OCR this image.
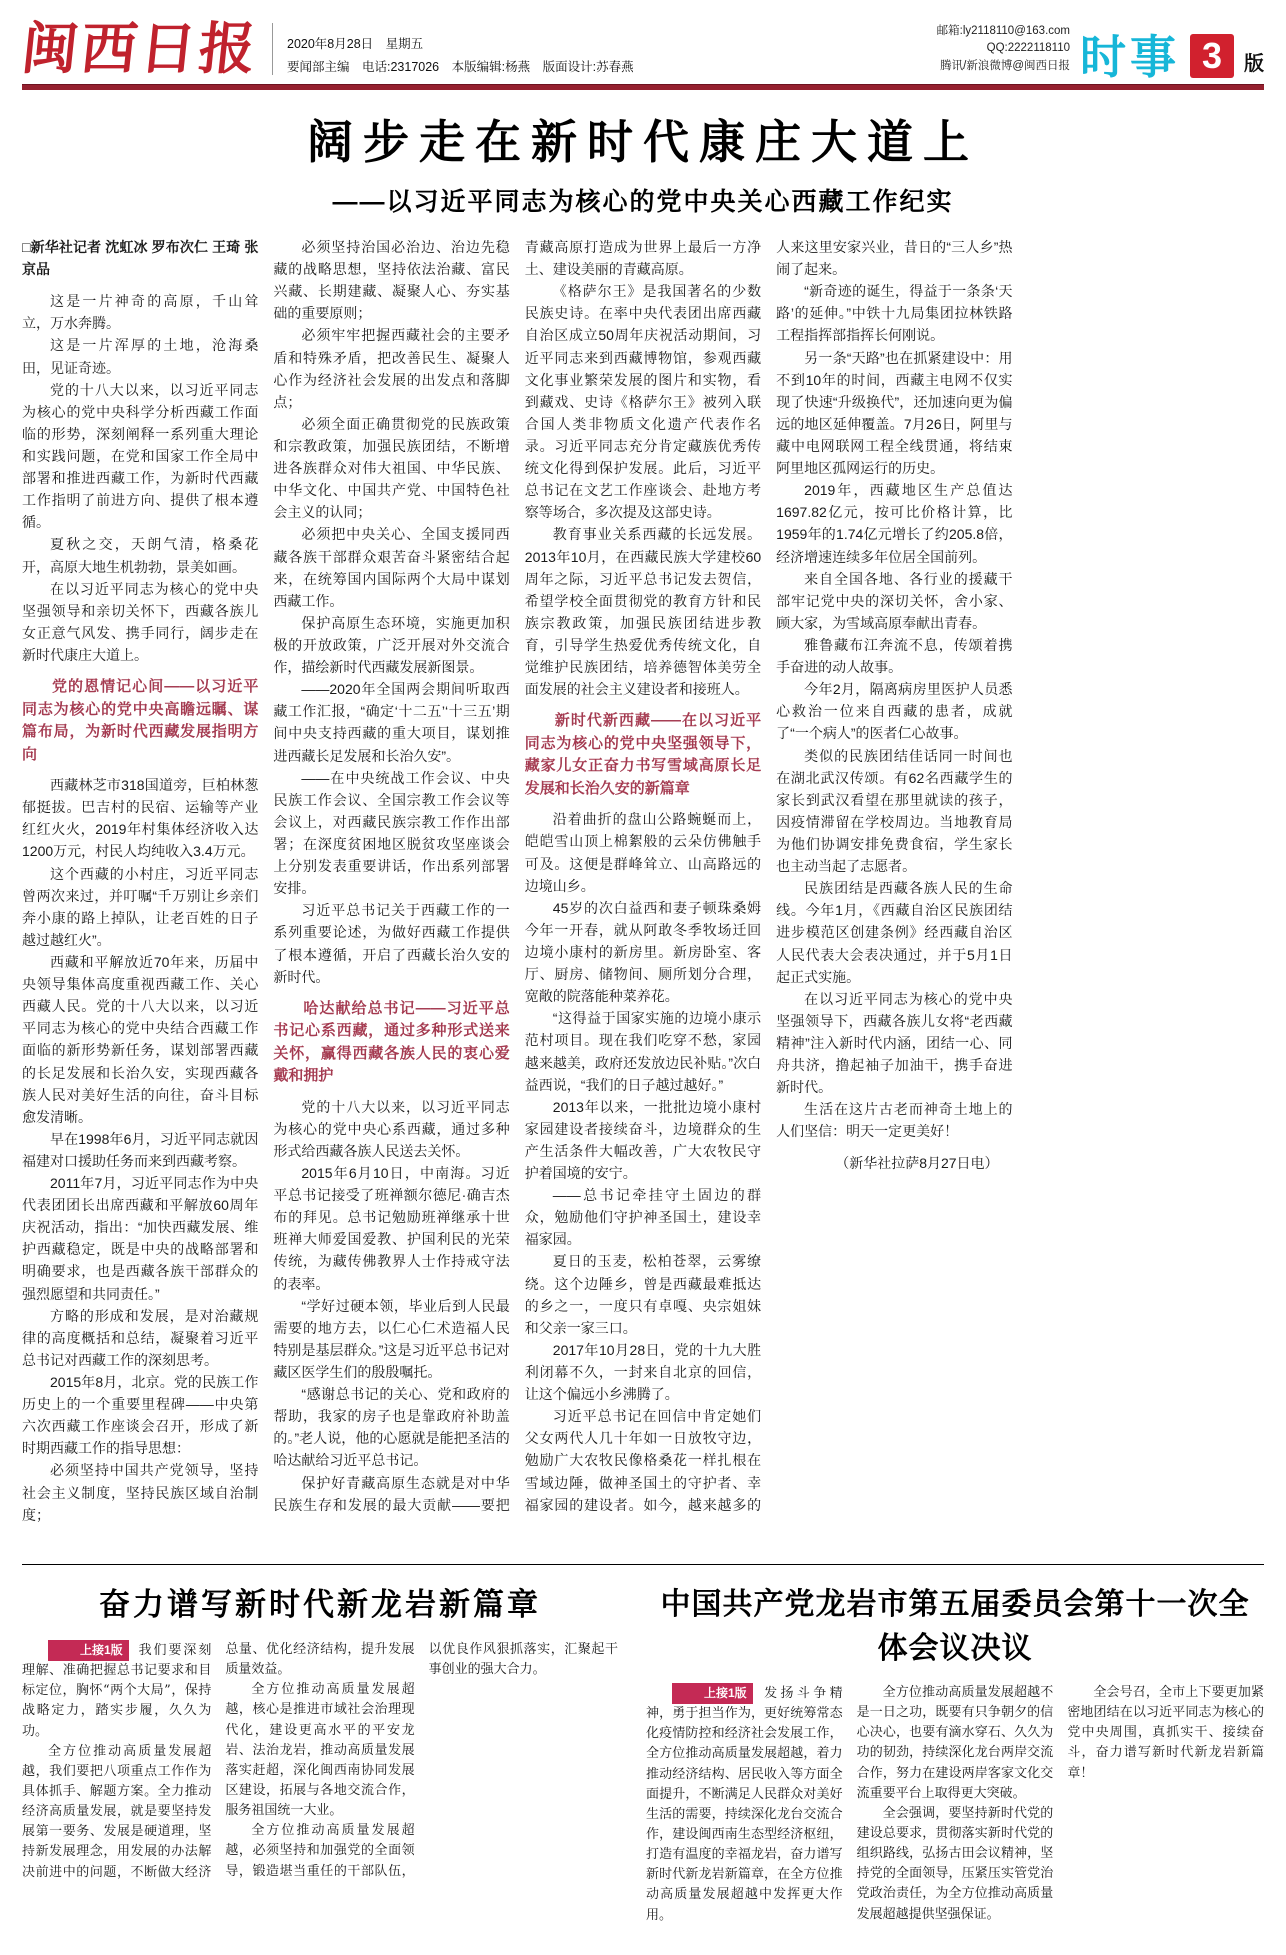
闽西日报 2020年8月28日　星期五
要闻部主编　电话:2317026　本版编辑:杨燕　版面设计:苏春燕
邮箱:ly2118110@163.com
QQ:2222118110
腾讯/新浪微博@闽西日报 时事 3 版
阔步走在新时代康庄大道上
——以习近平同志为核心的党中央关心西藏工作纪实

□新华社记者 沈虹冰 罗布次仁 王琦 张京品

这是一片神奇的高原，千山耸立，万水奔腾。

这是一片浑厚的土地，沧海桑田，见证奇迹。

党的十八大以来，以习近平同志为核心的党中央科学分析西藏工作面临的形势，深刻阐释一系列重大理论和实践问题，在党和国家工作全局中部署和推进西藏工作，为新时代西藏工作指明了前进方向、提供了根本遵循。

夏秋之交，天朗气清，格桑花开，高原大地生机勃勃，景美如画。

在以习近平同志为核心的党中央坚强领导和亲切关怀下，西藏各族儿女正意气风发、携手同行，阔步走在新时代康庄大道上。

党的恩情记心间——以习近平同志为核心的党中央高瞻远瞩、谋篇布局，为新时代西藏发展指明方向

西藏林芝市318国道旁，巨柏林葱郁挺拔。巴吉村的民宿、运输等产业红红火火，2019年村集体经济收入达1200万元，村民人均纯收入3.4万元。

这个西藏的小村庄，习近平同志曾两次来过，并叮嘱“千万别让乡亲们奔小康的路上掉队，让老百姓的日子越过越红火”。

西藏和平解放近70年来，历届中央领导集体高度重视西藏工作、关心西藏人民。党的十八大以来，以习近平同志为核心的党中央结合西藏工作面临的新形势新任务，谋划部署西藏的长足发展和长治久安，实现西藏各族人民对美好生活的向往，奋斗目标愈发清晰。

早在1998年6月，习近平同志就因福建对口援助任务而来到西藏考察。

2011年7月，习近平同志作为中央代表团团长出席西藏和平解放60周年庆祝活动，指出：“加快西藏发展、维护西藏稳定，既是中央的战略部署和明确要求，也是西藏各族干部群众的强烈愿望和共同责任。”

方略的形成和发展，是对治藏规律的高度概括和总结，凝聚着习近平总书记对西藏工作的深刻思考。

2015年8月，北京。党的民族工作历史上的一个重要里程碑——中央第六次西藏工作座谈会召开，形成了新时期西藏工作的指导思想：

必须坚持中国共产党领导，坚持社会主义制度，坚持民族区域自治制度；

必须坚持治国必治边、治边先稳藏的战略思想，坚持依法治藏、富民兴藏、长期建藏、凝聚人心、夯实基础的重要原则；

必须牢牢把握西藏社会的主要矛盾和特殊矛盾，把改善民生、凝聚人心作为经济社会发展的出发点和落脚点；

必须全面正确贯彻党的民族政策和宗教政策，加强民族团结，不断增进各族群众对伟大祖国、中华民族、中华文化、中国共产党、中国特色社会主义的认同；

必须把中央关心、全国支援同西藏各族干部群众艰苦奋斗紧密结合起来，在统筹国内国际两个大局中谋划西藏工作。

保护高原生态环境，实施更加积极的开放政策，广泛开展对外交流合作，描绘新时代西藏发展新图景。

——2020年全国两会期间听取西藏工作汇报，“确定‘十二五’‘十三五’期间中央支持西藏的重大项目，谋划推进西藏长足发展和长治久安”。

——在中央统战工作会议、中央民族工作会议、全国宗教工作会议等会议上，对西藏民族宗教工作作出部署；在深度贫困地区脱贫攻坚座谈会上分别发表重要讲话，作出系列部署安排。

习近平总书记关于西藏工作的一系列重要论述，为做好西藏工作提供了根本遵循，开启了西藏长治久安的新时代。

哈达献给总书记——习近平总书记心系西藏，通过多种形式送来关怀，赢得西藏各族人民的衷心爱戴和拥护

党的十八大以来，以习近平同志为核心的党中央心系西藏，通过多种形式给西藏各族人民送去关怀。

2015年6月10日，中南海。习近平总书记接受了班禅额尔德尼·确吉杰布的拜见。总书记勉励班禅继承十世班禅大师爱国爱教、护国利民的光荣传统，为藏传佛教界人士作持戒守法的表率。

“学好过硬本领，毕业后到人民最需要的地方去，以仁心仁术造福人民特别是基层群众。”这是习近平总书记对藏区医学生们的殷殷嘱托。

“感谢总书记的关心、党和政府的帮助，我家的房子也是靠政府补助盖的。”老人说，他的心愿就是能把圣洁的哈达献给习近平总书记。

保护好青藏高原生态就是对中华民族生存和发展的最大贡献——要把青藏高原打造成为世界上最后一方净土、建设美丽的青藏高原。

《格萨尔王》是我国著名的少数民族史诗。在率中央代表团出席西藏自治区成立50周年庆祝活动期间，习近平同志来到西藏博物馆，参观西藏文化事业繁荣发展的图片和实物，看到藏戏、史诗《格萨尔王》被列入联合国人类非物质文化遗产代表作名录。习近平同志充分肯定藏族优秀传统文化得到保护发展。此后，习近平总书记在文艺工作座谈会、赴地方考察等场合，多次提及这部史诗。

教育事业关系西藏的长远发展。2013年10月，在西藏民族大学建校60周年之际，习近平总书记发去贺信，希望学校全面贯彻党的教育方针和民族宗教政策，加强民族团结进步教育，引导学生热爱优秀传统文化，自觉维护民族团结，培养德智体美劳全面发展的社会主义建设者和接班人。

新时代新西藏——在以习近平同志为核心的党中央坚强领导下，藏家儿女正奋力书写雪域高原长足发展和长治久安的新篇章

沿着曲折的盘山公路蜿蜒而上，皑皑雪山顶上棉絮般的云朵仿佛触手可及。这便是群峰耸立、山高路远的边境山乡。

45岁的次白益西和妻子顿珠桑姆今年一开春，就从阿敢冬季牧场迁回边境小康村的新房里。新房卧室、客厅、厨房、储物间、厕所划分合理，宽敞的院落能种菜养花。

“这得益于国家实施的边境小康示范村项目。现在我们吃穿不愁，家园越来越美，政府还发放边民补贴。”次白益西说，“我们的日子越过越好。”

2013年以来，一批批边境小康村家园建设者接续奋斗，边境群众的生产生活条件大幅改善，广大农牧民守护着国境的安宁。

——总书记牵挂守土固边的群众，勉励他们守护神圣国土，建设幸福家园。

夏日的玉麦，松柏苍翠，云雾缭绕。这个边陲乡，曾是西藏最难抵达的乡之一，一度只有卓嘎、央宗姐妹和父亲一家三口。

2017年10月28日，党的十九大胜利闭幕不久，一封来自北京的回信，让这个偏远小乡沸腾了。

习近平总书记在回信中肯定她们父女两代人几十年如一日放牧守边，勉励广大农牧民像格桑花一样扎根在雪域边陲，做神圣国土的守护者、幸福家园的建设者。如今，越来越多的人来这里安家兴业，昔日的“三人乡”热闹了起来。

“新奇迹的诞生，得益于一条条‘天路’的延伸。”中铁十九局集团拉林铁路工程指挥部指挥长何刚说。

另一条“天路”也在抓紧建设中：用不到10年的时间，西藏主电网不仅实现了快速“升级换代”，还加速向更为偏远的地区延伸覆盖。7月26日，阿里与藏中电网联网工程全线贯通，将结束阿里地区孤网运行的历史。

2019年，西藏地区生产总值达1697.82亿元，按可比价格计算，比1959年的1.74亿元增长了约205.8倍，经济增速连续多年位居全国前列。

来自全国各地、各行业的援藏干部牢记党中央的深切关怀，舍小家、顾大家，为雪域高原奉献出青春。

雅鲁藏布江奔流不息，传颂着携手奋进的动人故事。

今年2月，隔离病房里医护人员悉心救治一位来自西藏的患者，成就了“一个病人”的医者仁心故事。

类似的民族团结佳话同一时间也在湖北武汉传颂。有62名西藏学生的家长到武汉看望在那里就读的孩子，因疫情滞留在学校周边。当地教育局为他们协调安排免费食宿，学生家长也主动当起了志愿者。

民族团结是西藏各族人民的生命线。今年1月，《西藏自治区民族团结进步模范区创建条例》经西藏自治区人民代表大会表决通过，并于5月1日起正式实施。

在以习近平同志为核心的党中央坚强领导下，西藏各族儿女将“老西藏精神”注入新时代内涵，团结一心、同舟共济，撸起袖子加油干，携手奋进新时代。

生活在这片古老而神奇土地上的人们坚信：明天一定更美好！

（新华社拉萨8月27日电）

奋力谱写新时代新龙岩新篇章

上接1版 我们要深刻理解、准确把握总书记要求和目标定位，胸怀“两个大局”，保持战略定力，踏实步履，久久为功。

全方位推动高质量发展超越，我们要把八项重点工作作为具体抓手、解题方案。全力推动经济高质量发展，就是要坚持发展第一要务、发展是硬道理，坚持新发展理念，用发展的办法解决前进中的问题，不断做大经济总量、优化经济结构，提升发展质量效益。

全方位推动高质量发展超越，核心是推进市域社会治理现代化，建设更高水平的平安龙岩、法治龙岩，推动高质量发展落实赶超，深化闽西南协同发展区建设，拓展与各地交流合作，服务祖国统一大业。

全方位推动高质量发展超越，必须坚持和加强党的全面领导，锻造堪当重任的干部队伍，以优良作风狠抓落实，汇聚起干事创业的强大合力。

中国共产党龙岩市第五届委员会第十一次全体会议决议

上接1版 发扬斗争精神，勇于担当作为，更好统筹常态化疫情防控和经济社会发展工作，全方位推动高质量发展超越，着力推动经济结构、居民收入等方面全面提升，不断满足人民群众对美好生活的需要，持续深化龙台交流合作，建设闽西南生态型经济枢纽，打造有温度的幸福龙岩，奋力谱写新时代新龙岩新篇章，在全方位推动高质量发展超越中发挥更大作用。

全方位推动高质量发展超越不是一日之功，既要有只争朝夕的信心决心，也要有滴水穿石、久久为功的韧劲，持续深化龙台两岸交流合作，努力在建设两岸客家文化交流重要平台上取得更大突破。

全会强调，要坚持新时代党的建设总要求，贯彻落实新时代党的组织路线，弘扬古田会议精神，坚持党的全面领导，压紧压实管党治党政治责任，为全方位推动高质量发展超越提供坚强保证。

全会号召，全市上下要更加紧密地团结在以习近平同志为核心的党中央周围，真抓实干、接续奋斗，奋力谱写新时代新龙岩新篇章！
